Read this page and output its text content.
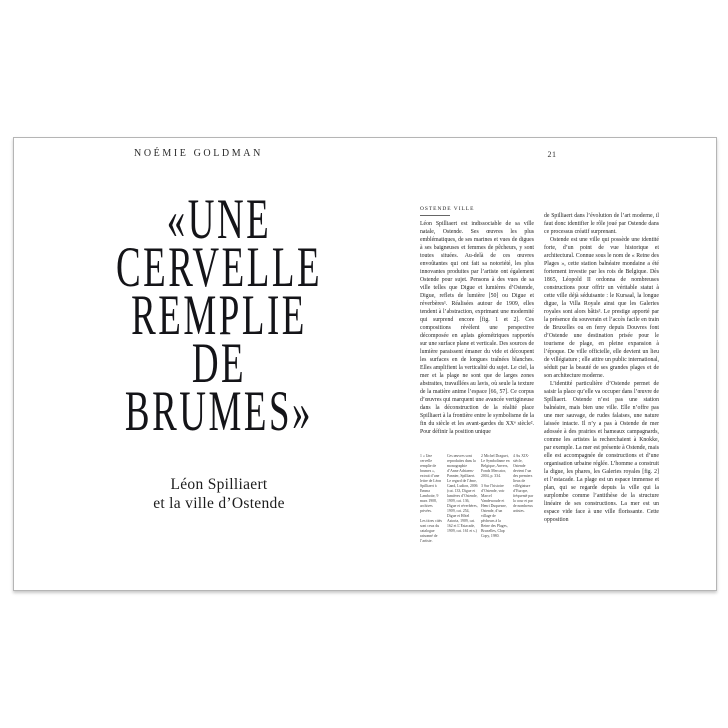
NOÉMIE GOLDMAN
«UNE
CERVELLE
REMPLIE
DE
BRUMES»
Léon Spilliaert
et la ville d’Ostende
21
OSTENDE VILLE

Léon Spilliaert est indissociable de sa ville natale, Ostende. Ses œuvres les plus emblématiques, de ses marines et vues de digues à ses baigneuses et femmes de pêcheurs, y sont toutes situées. Au-delà de ces œuvres envoûtantes qui ont fait sa notoriété, les plus innovantes produites par l’artiste ont également Ostende pour sujet. Pensons à des vues de sa ville telles que Digue et lumières d’Ostende, Digue, reflets de lumière [50] ou Digue et réverbères¹. Réalisées autour de 1909, elles tendent à l’abstraction, exprimant une modernité qui surprend encore [fig. 1 et 2]. Ces compositions révèlent une perspective décomposée en aplats géométriques rapportés sur une surface plane et verticale. Des sources de lumière paraissent émaner du vide et découpent les surfaces en de longues traînées blanches. Elles amplifient la verticalité du sujet. Le ciel, la mer et la plage ne sont que de larges zones abstraites, travaillées au lavis, où seule la texture de la matière anime l’espace [66, 57]. Ce corpus d’œuvres qui marquent une avancée vertigineuse dans la déconstruction de la réalité place Spilliaert à la frontière entre le symbolisme de la fin du siècle et les avant-gardes du XXᵉ siècle². Pour définir la position unique

1 « Une cervelle remplie de brumes », extrait d’une lettre de Léon Spilliaert à Emma Lambotte, 9 mars 1908, archives privées.

Les titres cités sont ceux du catalogue raisonné de l’artiste.

Ces œuvres sont reproduites dans la monographie d’Anne Adriaens-Pannier, Spilliaert. Le regard de l’âme, Gand, Ludion, 2006 (cat. 133, Digue et lumières d’Ostende, 1909, cat. 136, Digue et réverbères, 1909, cat. 254, Digue et Hôtel Astoria, 1909, cat. 162 et L’Estacade, 1909, cat. 161 et s.)

2 Michel Draguet, Le Symbolisme en Belgique, Anvers, Fonds Mercator, 2004, p. 334.

3 Sur l’histoire d’Ostende, voir Marcel Vandewoude et Henri Duquesne, Ostende, d’un village de pêcheurs à la Reine des Plages, Bruxelles, Clap Copy, 1980.

4 Au XIXᵉ siècle, Ostende devient l’un des premiers lieux de villégiature d’Europe, fréquenté par la cour et par de nombreux artistes.

de Spilliaert dans l’évolution de l’art moderne, il faut donc identifier le rôle joué par Ostende dans ce processus créatif surprenant.

Ostende est une ville qui possède une identité forte, d’un point de vue historique et architectural. Connue sous le nom de « Reine des Plages », cette station balnéaire mondaine a été fortement investie par les rois de Belgique. Dès 1865, Léopold II ordonna de nombreuses constructions pour offrir un véritable statut à cette ville déjà séduisante : le Kursaal, la longue digue, la Villa Royale ainsi que les Galeries royales sont alors bâtis³. Le prestige apporté par la présence du souverain et l’accès facile en train de Bruxelles ou en ferry depuis Douvres font d’Ostende une destination prisée pour le tourisme de plage, en pleine expansion à l’époque. De ville officielle, elle devient un lieu de villégiature ; elle attire un public international, séduit par la beauté de ses grandes plages et de son architecture moderne.

L’identité particulière d’Ostende permet de saisir la place qu’elle va occuper dans l’œuvre de Spilliaert. Ostende n’est pas une station balnéaire, mais bien une ville. Elle n’offre pas une mer sauvage, de rudes falaises, une nature laissée intacte. Il n’y a pas à Ostende de mer adossée à des prairies et hameaux campagnards, comme les artistes la recherchaient à Knokke, par exemple. La mer est présente à Ostende, mais elle est accompagnée de constructions et d’une organisation urbaine réglée. L’homme a construit la digue, les phares, les Galeries royales [fig. 2] et l’estacade. La plage est un espace immense et plan, qui se regarde depuis la ville qui la surplombe comme l’antithèse de la structure linéaire de ses constructions. La mer est un espace vide face à une ville florissante. Cette opposition
